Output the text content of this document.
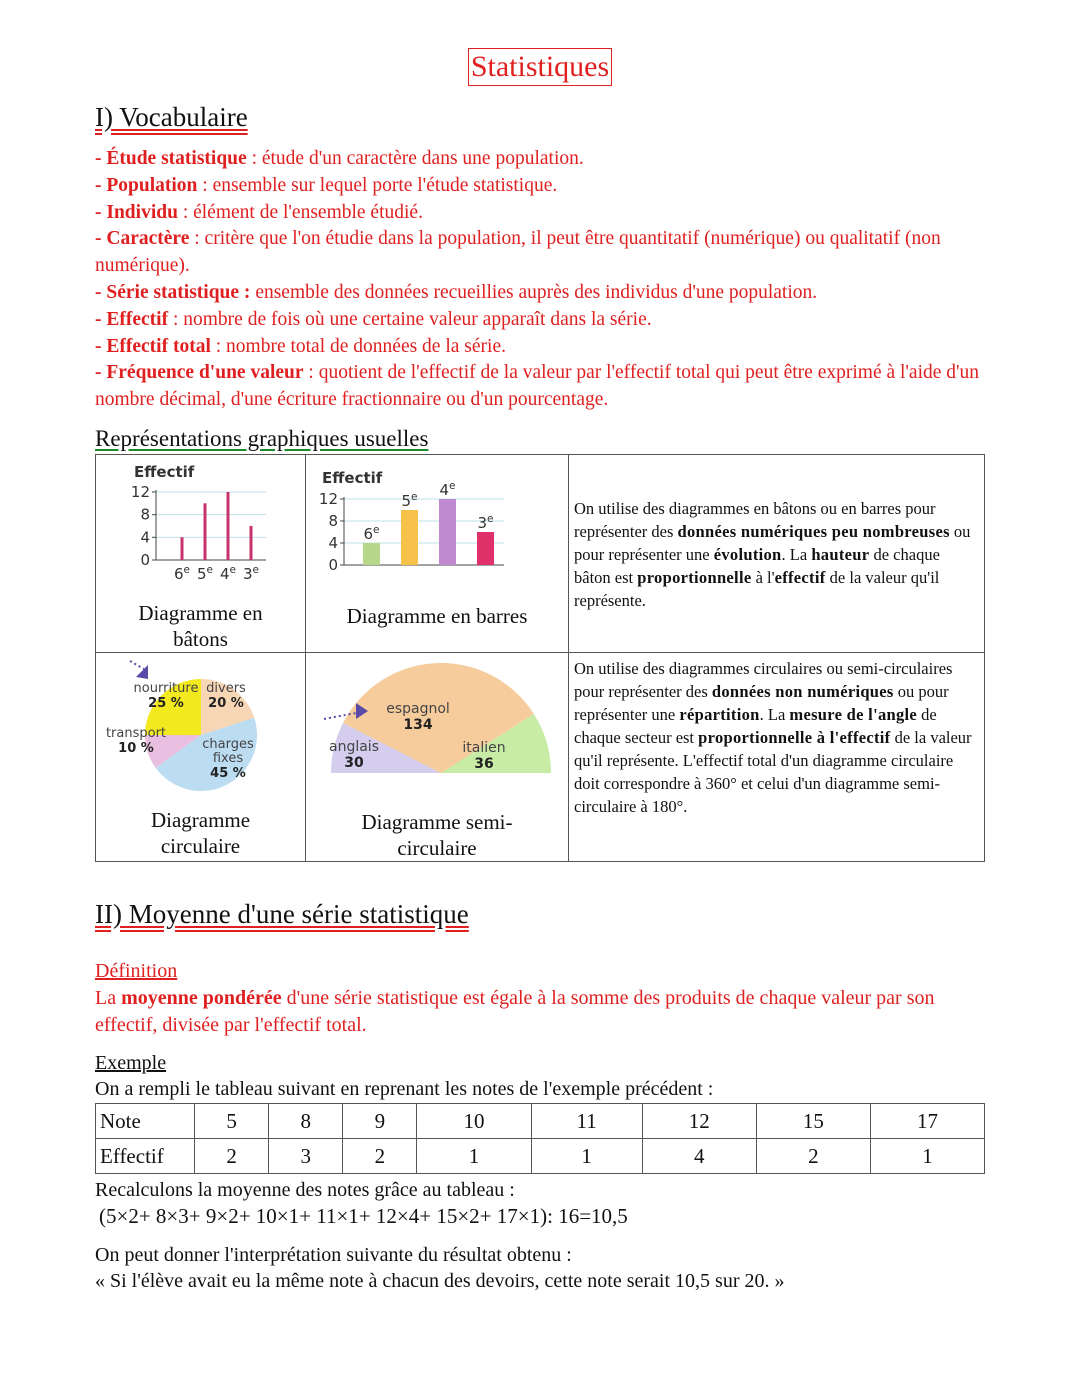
Statistiques
I) Vocabulaire

- Étude statistique : étude d'un caractère dans une population.

- Population : ensemble sur lequel porte l'étude statistique.

- Individu : élément de l'ensemble étudié.

- Caractère : critère que l'on étudie dans la population, il peut être quantitatif (numérique) ou qualitatif (non numérique).

- Série statistique : ensemble des données recueillies auprès des individus d'une population.

- Effectif : nombre de fois où une certaine valeur apparaît dans la série.

- Effectif total : nombre total de données de la série.

- Fréquence d'une valeur : quotient de l'effectif de la valeur par l'effectif total qui peut être exprimé à l'aide d'un nombre décimal, d'une écriture fractionnaire ou d'un pourcentage.

Représentations graphiques usuelles
Effectif
0
4
8
12
6e 5e 4e 3e
Diagramme en bâtons

Effectif
0
4
8
12
6e
5e 4e
3e
Diagramme en barres

On utilise des diagrammes en bâtons ou en barres pour représenter des données numériques peu nombreuses ou pour représenter une évolution. La hauteur de chaque bâton est proportionnelle à l'effectif de la valeur qu'il représente.

nourriture
25 %
divers
20 %
transport
10 %	charges
fixes
45 %
Diagramme circulaire

anglais
30
espagnol
134
italien
36
Diagramme semi-circulaire

On utilise des diagrammes circulaires ou semi-circulaires pour représenter des données non numériques ou pour représenter une répartition. La mesure de l'angle de chaque secteur est proportionnelle à l'effectif de la valeur qu'il représente. L'effectif total d'un diagramme circulaire doit correspondre à 360° et celui d'un diagramme semi-circulaire à 180°.
II) Moyenne d'une série statistique
Définition
La moyenne pondérée d'une série statistique est égale à la somme des produits de chaque valeur par son effectif, divisée par l'effectif total.
Exemple
On a rempli le tableau suivant en reprenant les notes de l'exemple précédent :
Note	5	8	9	10	11	12	15	17
Effectif	2	3	2	1	1	4	2	1
Recalculons la moyenne des notes grâce au tableau :
(5×2+ 8×3+ 9×2+ 10×1+ 11×1+ 12×4+ 15×2+ 17×1): 16=10,5

On peut donner l'interprétation suivante du résultat obtenu :

« Si l'élève avait eu la même note à chacun des devoirs, cette note serait 10,5 sur 20. »
